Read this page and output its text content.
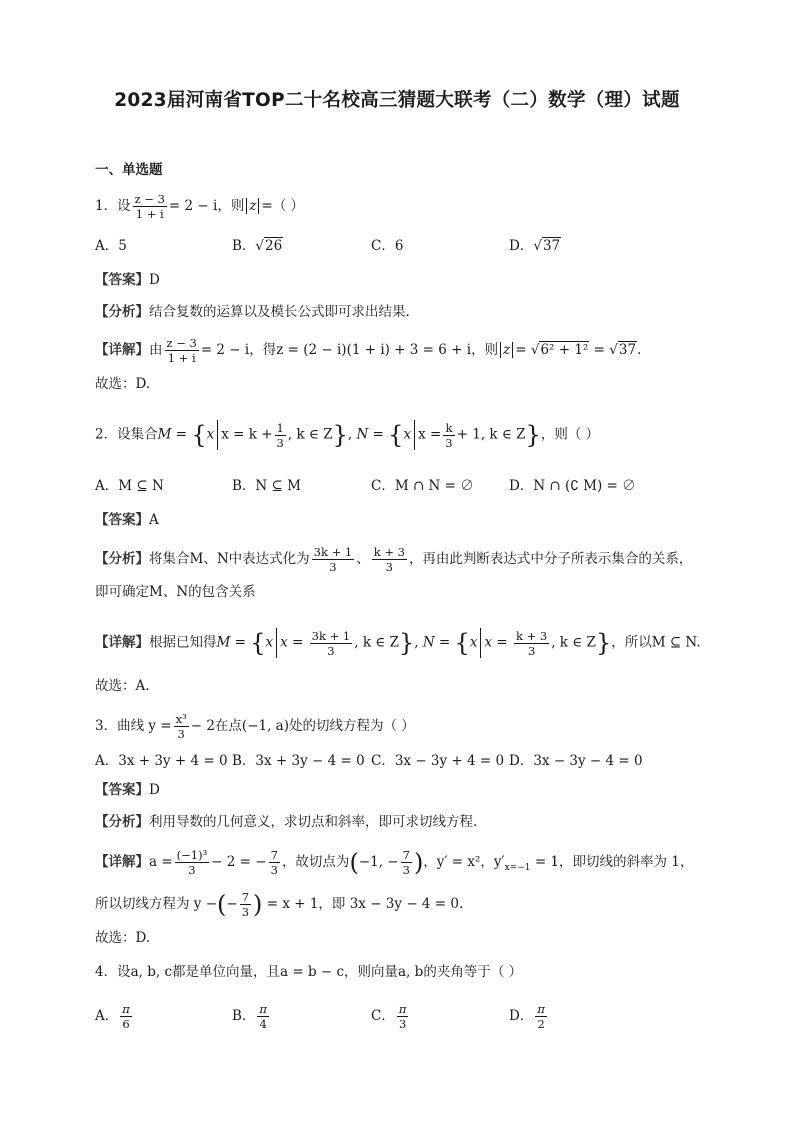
2023届河南省TOP二十名校高三猜题大联考（二）数学（理）试题
一、单选题
1．设 $\frac{z - 3}{1 + i} = 2 - i$，则 z =（ ）
A．5	B．√26	C．6	D．√37
【答案】D
【分析】结合复数的运算以及模长公式即可求出结果.
【详解】由 $\frac{z - 3}{1 + i} = 2 - i$，得z = (2 − i)(1 + i) + 3 = 6 + i，则 z = √6² + 1² = √37.
故选：D.
2．设集合M = {x $x = k + \frac{1}{3}$ , k ∈ Z}, N = {x $x = \frac{k}{3} + 1$, k ∈ Z}，则（ ）
A．M ⊆ N	B．N ⊆ M	C．M ∩ N = ∅	D．N ∩ (∁ M) = ∅
【答案】A
【分析】将集合M、N中表达式化为 $\frac{3k + 1}{3}$ 、 $\frac{k + 3}{3}$ ，再由此判断表达式中分子所表示集合的关系，
即可确定M、N的包含关系
【详解】根据已知得M = {x $x = \frac{3k + 1}{3}$ , k ∈ Z}, N = {x $x = \frac{k + 3}{3}$ , k ∈ Z}，所以M ⊆ N.
故选：A.
3．曲线 $y = \frac{\text{x³}}{3} - 2$在点(−1, a)处的切线方程为（ ）
A．3x + 3y + 4 = 0 B．3x + 3y − 4 = 0 C．3x − 3y + 4 = 0 D．3x − 3y − 4 = 0
【答案】D
【分析】利用导数的几何意义，求切点和斜率，即可求切线方程.
【详解】$a = \frac{\text{(−1)³}}{3} - 2$ = − $\frac{7}{3}$ ，故切点为(−1, − $\frac{7}{3}$ )，y′ = x²，$y'_{x=-1} = 1$，即切线的斜率为 1，
所以切线方程为 y −(− $\frac{7}{3}$ ) = x + 1，即 3x − 3y − 4 = 0.
故选：D.
4．设a, b, c都是单位向量，且a = b − c，则向量a, b的夹角等于（ ）
A． $\frac{\pi}{6}$	B． $\frac{\pi}{4}$	C． $\frac{\pi}{3}$	D． $\frac{\pi}{2}$
